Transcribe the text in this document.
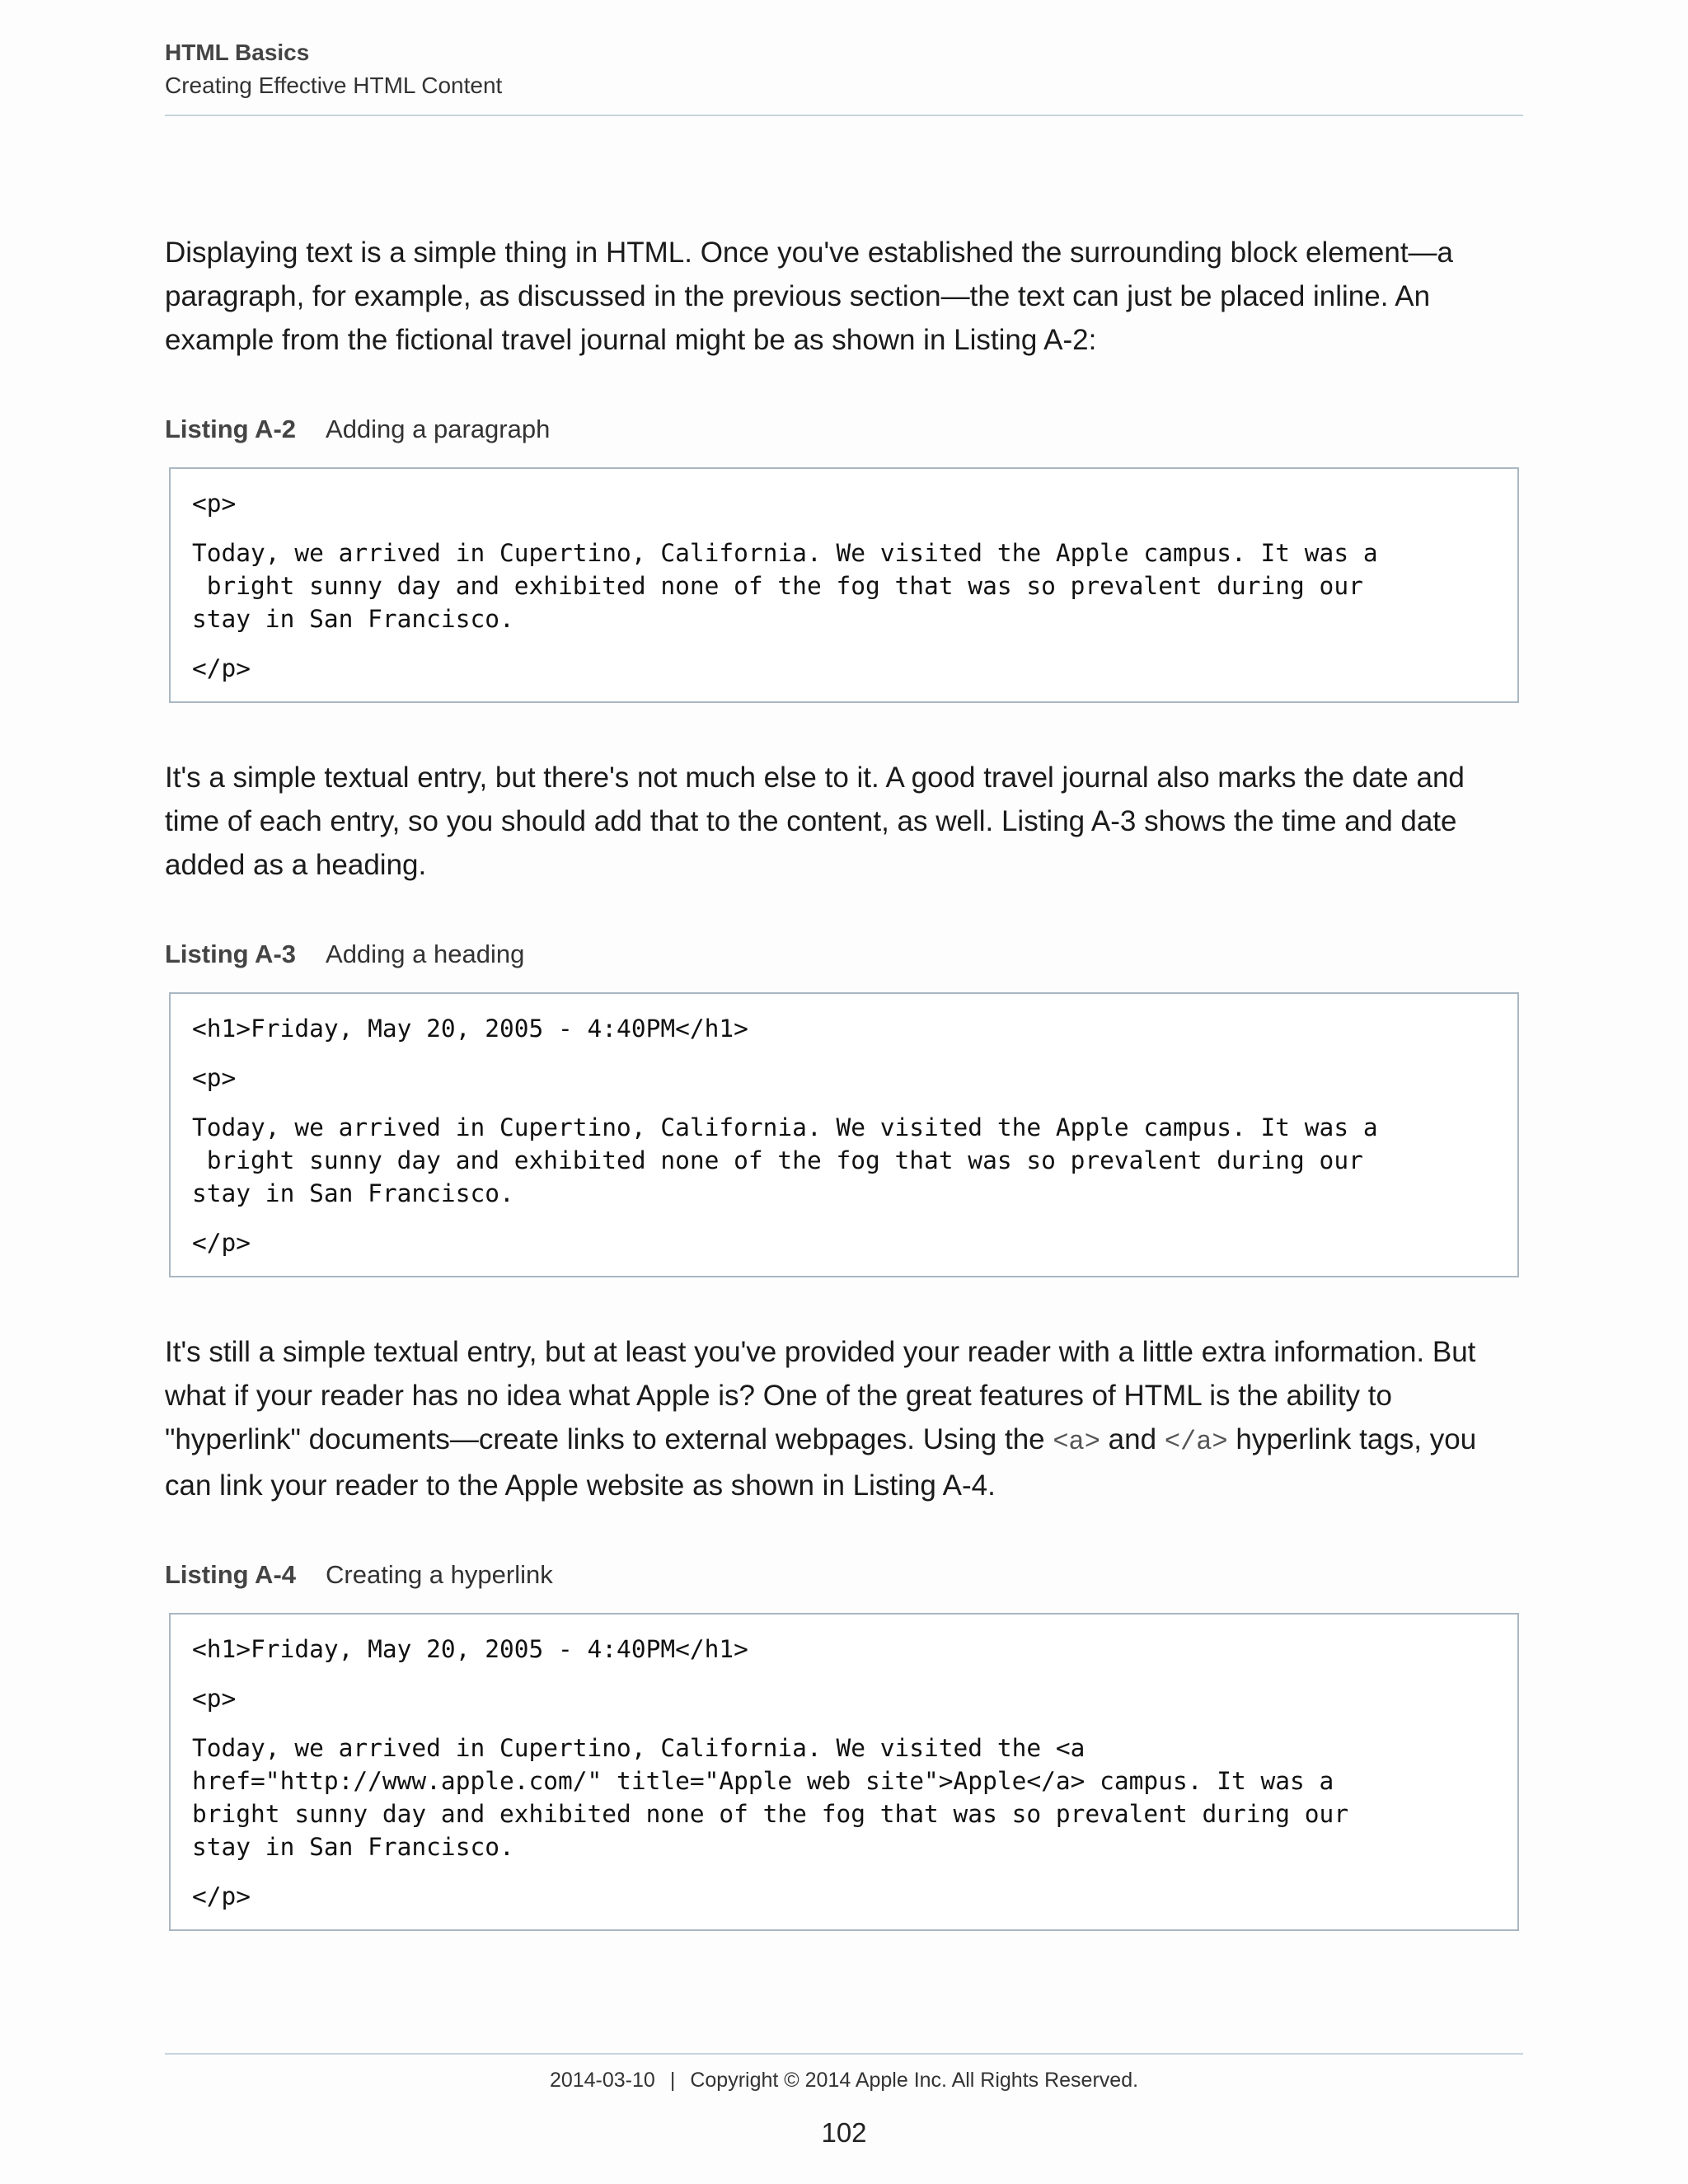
HTML Basics
Creating Effective HTML Content

Displaying text is a simple thing in HTML. Once you've established the surrounding block element—a paragraph, for example, as discussed in the previous section—the text can just be placed inline. An example from the fictional travel journal might be as shown in Listing A-2:

Listing A-2 Adding a paragraph
<p>
Today, we arrived in Cupertino, California. We visited the Apple campus. It was a
bright sunny day and exhibited none of the fog that was so prevalent during our
stay in San Francisco.
</p>

It's a simple textual entry, but there's not much else to it. A good travel journal also marks the date and time of each entry, so you should add that to the content, as well. Listing A-3 shows the time and date added as a heading.

Listing A-3 Adding a heading
<h1>Friday, May 20, 2005 - 4:40PM</h1>
<p>
Today, we arrived in Cupertino, California. We visited the Apple campus. It was a
bright sunny day and exhibited none of the fog that was so prevalent during our
stay in San Francisco.
</p>

It's still a simple textual entry, but at least you've provided your reader with a little extra information. But what if your reader has no idea what Apple is? One of the great features of HTML is the ability to "hyperlink" documents—create links to external webpages. Using the <a> and </a> hyperlink tags, you can link your reader to the Apple website as shown in Listing A-4.

Listing A-4 Creating a hyperlink
<h1>Friday, May 20, 2005 - 4:40PM</h1>
<p>
Today, we arrived in Cupertino, California. We visited the <a
href="http://www.apple.com/" title="Apple web site">Apple</a> campus. It was a
bright sunny day and exhibited none of the fog that was so prevalent during our
stay in San Francisco.
</p>
2014-03-10 | Copyright © 2014 Apple Inc. All Rights Reserved.
102
